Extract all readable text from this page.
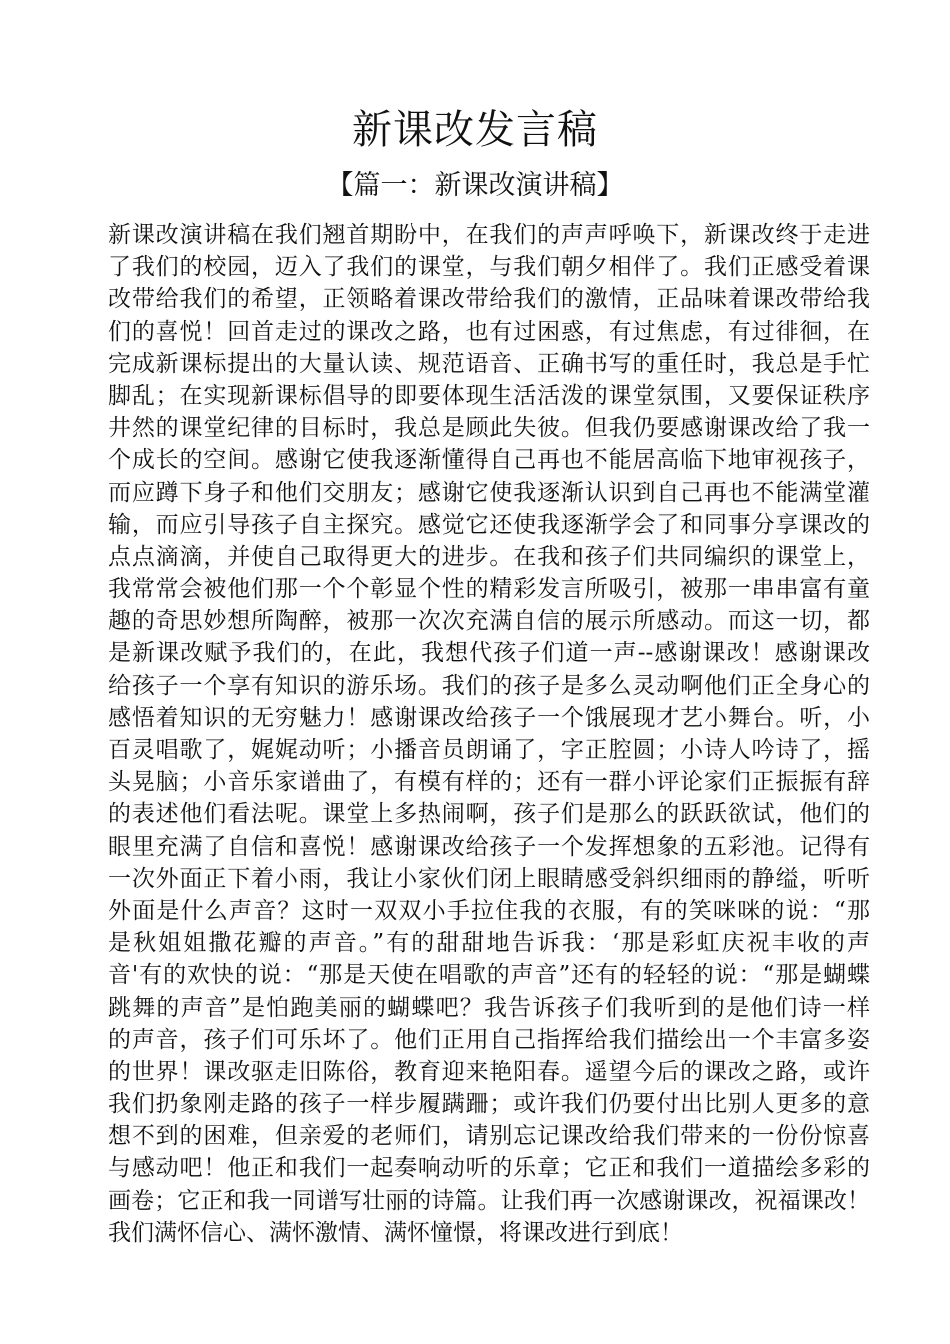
新课改发言稿
【篇一：新课改演讲稿】
新课改演讲稿在我们翘首期盼中，在我们的声声呼唤下，新课改终于走进
了我们的校园，迈入了我们的课堂，与我们朝夕相伴了。我们正感受着课
改带给我们的希望，正领略着课改带给我们的激情，正品味着课改带给我
们的喜悦！回首走过的课改之路，也有过困惑，有过焦虑，有过徘徊，在
完成新课标提出的大量认读、规范语音、正确书写的重任时，我总是手忙
脚乱；在实现新课标倡导的即要体现生活活泼的课堂氛围，又要保证秩序
井然的课堂纪律的目标时，我总是顾此失彼。但我仍要感谢课改给了我一
个成长的空间。感谢它使我逐渐懂得自己再也不能居高临下地审视孩子，
而应蹲下身子和他们交朋友；感谢它使我逐渐认识到自己再也不能满堂灌
输，而应引导孩子自主探究。感觉它还使我逐渐学会了和同事分享课改的
点点滴滴，并使自己取得更大的进步。在我和孩子们共同编织的课堂上，
我常常会被他们那一个个彰显个性的精彩发言所吸引，被那一串串富有童
趣的奇思妙想所陶醉，被那一次次充满自信的展示所感动。而这一切，都
是新课改赋予我们的，在此，我想代孩子们道一声--感谢课改！感谢课改
给孩子一个享有知识的游乐场。我们的孩子是多么灵动啊他们正全身心的
感悟着知识的无穷魅力！感谢课改给孩子一个饿展现才艺小舞台。听，小
百灵唱歌了，娓娓动听；小播音员朗诵了，字正腔圆；小诗人吟诗了，摇
头晃脑；小音乐家谱曲了，有模有样的；还有一群小评论家们正振振有辞
的表述他们看法呢。课堂上多热闹啊，孩子们是那么的跃跃欲试，他们的
眼里充满了自信和喜悦！感谢课改给孩子一个发挥想象的五彩池。记得有
一次外面正下着小雨，我让小家伙们闭上眼睛感受斜织细雨的静缢，听听
外面是什么声音？这时一双双小手拉住我的衣服，有的笑咪咪的说：“那
是秋姐姐撒花瓣的声音。”有的甜甜地告诉我：‘那是彩虹庆祝丰收的声
音'有的欢快的说：“那是天使在唱歌的声音”还有的轻轻的说：“那是蝴蝶
跳舞的声音”是怕跑美丽的蝴蝶吧？我告诉孩子们我听到的是他们诗一样
的声音，孩子们可乐坏了。他们正用自己指挥给我们描绘出一个丰富多姿
的世界！课改驱走旧陈俗，教育迎来艳阳春。遥望今后的课改之路，或许
我们扔象刚走路的孩子一样步履蹒跚；或许我们仍要付出比别人更多的意
想不到的困难，但亲爱的老师们，请别忘记课改给我们带来的一份份惊喜
与感动吧！他正和我们一起奏响动听的乐章；它正和我们一道描绘多彩的
画卷；它正和我一同谱写壮丽的诗篇。让我们再一次感谢课改，祝福课改！
我们满怀信心、满怀激情、满怀憧憬，将课改进行到底！
